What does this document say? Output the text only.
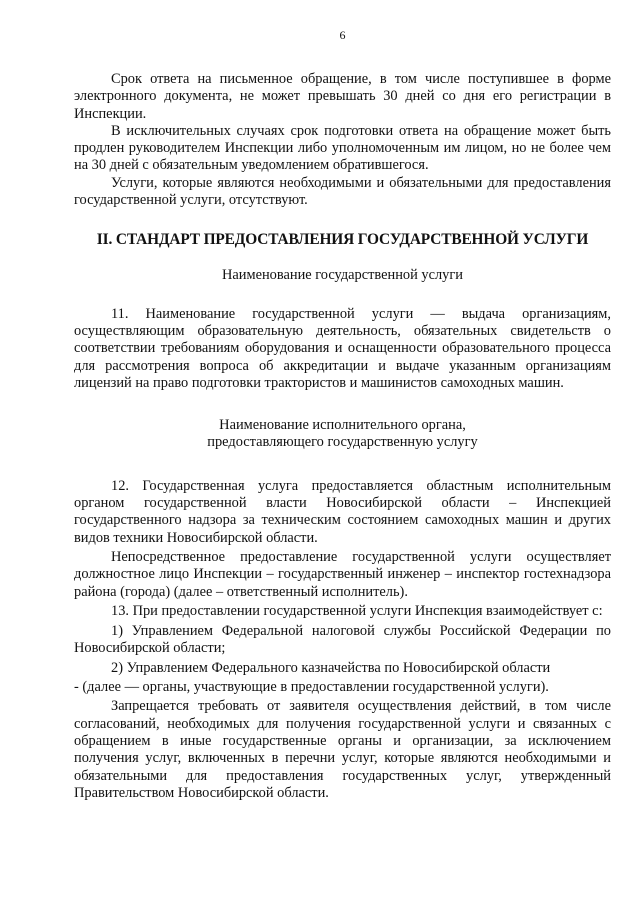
6

Срок ответа на письменное обращение, в том числе поступившее в форме электронного документа, не может превышать 30 дней со дня его регистрации в Инспекции.

В исключительных случаях срок подготовки ответа на обращение может быть продлен руководителем Инспекции либо уполномоченным им лицом, но не более чем на 30 дней с обязательным уведомлением обратившегося.

Услуги, которые являются необходимыми и обязательными для предоставления государственной услуги, отсутствуют.

II. СТАНДАРТ ПРЕДОСТАВЛЕНИЯ ГОСУДАРСТВЕННОЙ УСЛУГИ
Наименование государственной услуги

11. Наименование государственной услуги — выдача организациям, осуществляющим образовательную деятельность, обязательных свидетельств о соответствии требованиям оборудования и оснащенности образовательного процесса для рассмотрения вопроса об аккредитации и выдаче указанным организациям лицензий на право подготовки трактористов и машинистов самоходных машин.

Наименование исполнительного органа,
предоставляющего государственную услугу

12. Государственная услуга предоставляется областным исполнительным органом государственной власти Новосибирской области – Инспекцией государственного надзора за техническим состоянием самоходных машин и других видов техники Новосибирской области.

Непосредственное предоставление государственной услуги осуществляет должностное лицо Инспекции – государственный инженер – инспектор гостехнадзора района (города) (далее – ответственный исполнитель).

13. При предоставлении государственной услуги Инспекция взаимодействует с:

1) Управлением Федеральной налоговой службы Российской Федерации по Новосибирской области;

2) Управлением Федерального казначейства по Новосибирской области

- (далее — органы, участвующие в предоставлении государственной услуги).

Запрещается требовать от заявителя осуществления действий, в том числе согласований, необходимых для получения государственной услуги и связанных с обращением в иные государственные органы и организации, за исключением получения услуг, включенных в перечни услуг, которые являются необходимыми и обязательными для предоставления государственных услуг, утвержденный Правительством Новосибирской области.
